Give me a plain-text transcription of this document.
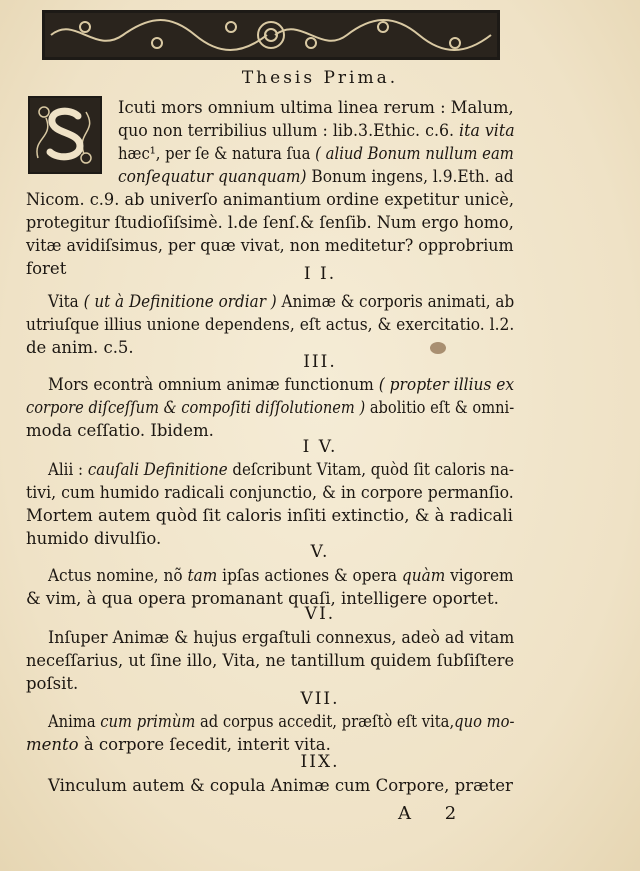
Thesis Prima.
Icuti mors omnium ultima linea rerum : Malum,
quo non terribilius ullum : lib.3.Ethic. c.6. ita vita
hæc¹, per ſe & natura ſua ( aliud Bonum nullum eam
conſequatur quanquam) Bonum ingens, l.9.Eth. ad
Nicom. c.9. ab univerſo animantium ordine expetitur unicè,
protegitur ſtudioſiſsimè. l.de ſenſ.& ſenſib. Num ergo homo,
vitæ avidiſsimus, per quæ vivat, non meditetur? opprobrium
foret	I I.
Vita ( ut à Definitione ordiar ) Animæ & corporis animati, ab
utriuſque illius unione dependens, eſt actus, & exercitatio. l.2.
de anim. c.5.
III.
Mors econtrà omnium animæ functionum ( propter illius ex
corpore diſceſſum & compoſiti diſſolutionem ) abolitio eſt & omni-
moda ceſſatio. Ibidem.
I V.
Alii : cauſali Definitione deſcribunt Vitam, quòd ſit caloris na-
tivi, cum humido radicali conjunctio, & in corpore permanſio.
Mortem autem quòd ſit caloris inſiti extinctio, & à radicali
humido divulſio.
V.
Actus nomine, nõ tam ipſas actiones & opera quàm vigorem
& vim, à qua opera promanant quaſi, intelligere oportet.
VI.
Inſuper Animæ & hujus ergaſtuli connexus, adeò ad vitam
neceſſarius, ut ſine illo, Vita, ne tantillum quidem ſubſiſtere
poſsit.
VII.
Anima cum primùm ad corpus accedit, præſtò eſt vita,quo mo-
mento à corpore ſecedit, interit vita.
IIX.
Vinculum autem & copula Animæ cum Corpore, præter
A 2
